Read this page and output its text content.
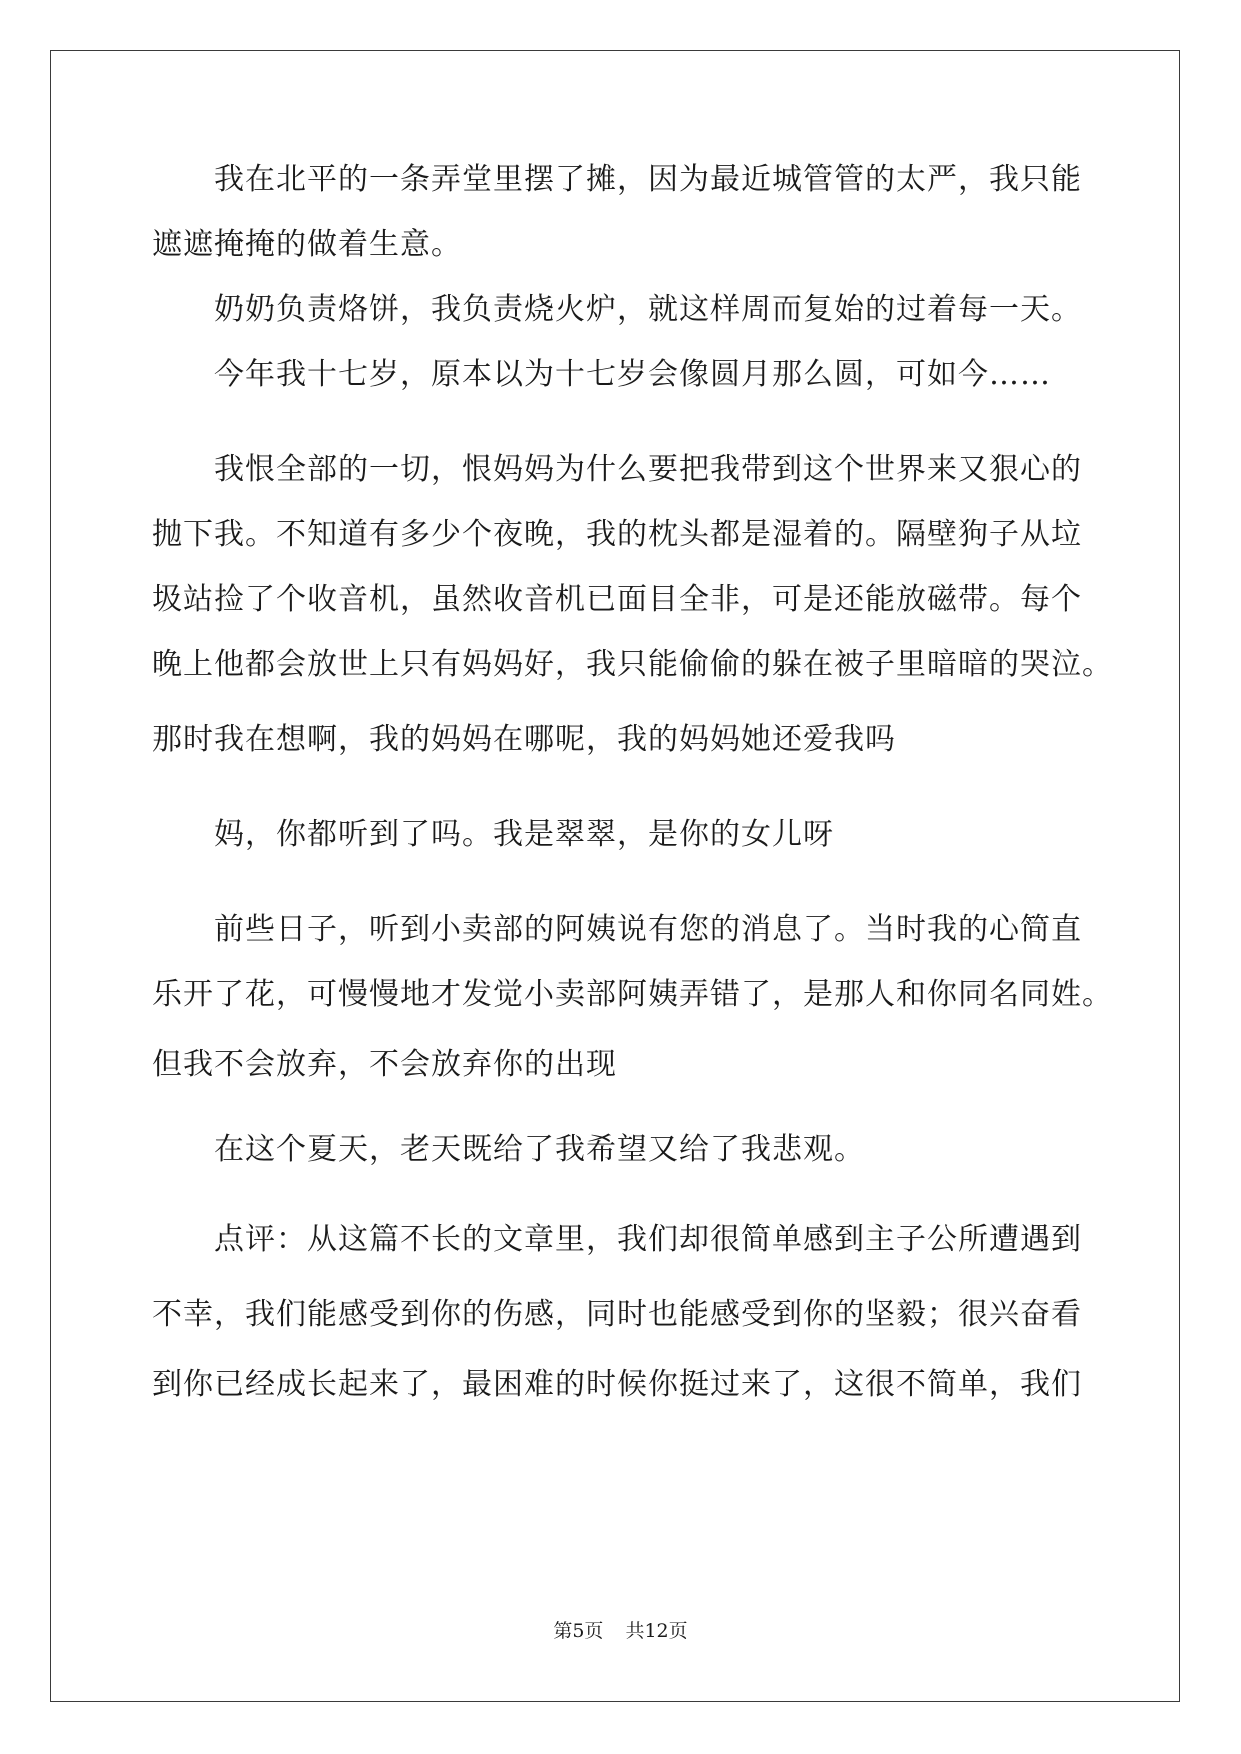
我在北平的一条弄堂里摆了摊，因为最近城管管的太严，我只能
遮遮掩掩的做着生意。
奶奶负责烙饼，我负责烧火炉，就这样周而复始的过着每一天。
今年我十七岁，原本以为十七岁会像圆月那么圆，可如今……
我恨全部的一切，恨妈妈为什么要把我带到这个世界来又狠心的
抛下我。不知道有多少个夜晚，我的枕头都是湿着的。隔壁狗子从垃
圾站捡了个收音机，虽然收音机已面目全非，可是还能放磁带。每个
晚上他都会放世上只有妈妈好，我只能偷偷的躲在被子里暗暗的哭泣。
那时我在想啊，我的妈妈在哪呢，我的妈妈她还爱我吗
妈，你都听到了吗。我是翠翠，是你的女儿呀
前些日子，听到小卖部的阿姨说有您的消息了。当时我的心简直
乐开了花，可慢慢地才发觉小卖部阿姨弄错了，是那人和你同名同姓。
但我不会放弃，不会放弃你的出现
在这个夏天，老天既给了我希望又给了我悲观。
点评：从这篇不长的文章里，我们却很简单感到主子公所遭遇到
不幸，我们能感受到你的伤感，同时也能感受到你的坚毅；很兴奋看
到你已经成长起来了，最困难的时候你挺过来了，这很不简单，我们
第5页 共12页
